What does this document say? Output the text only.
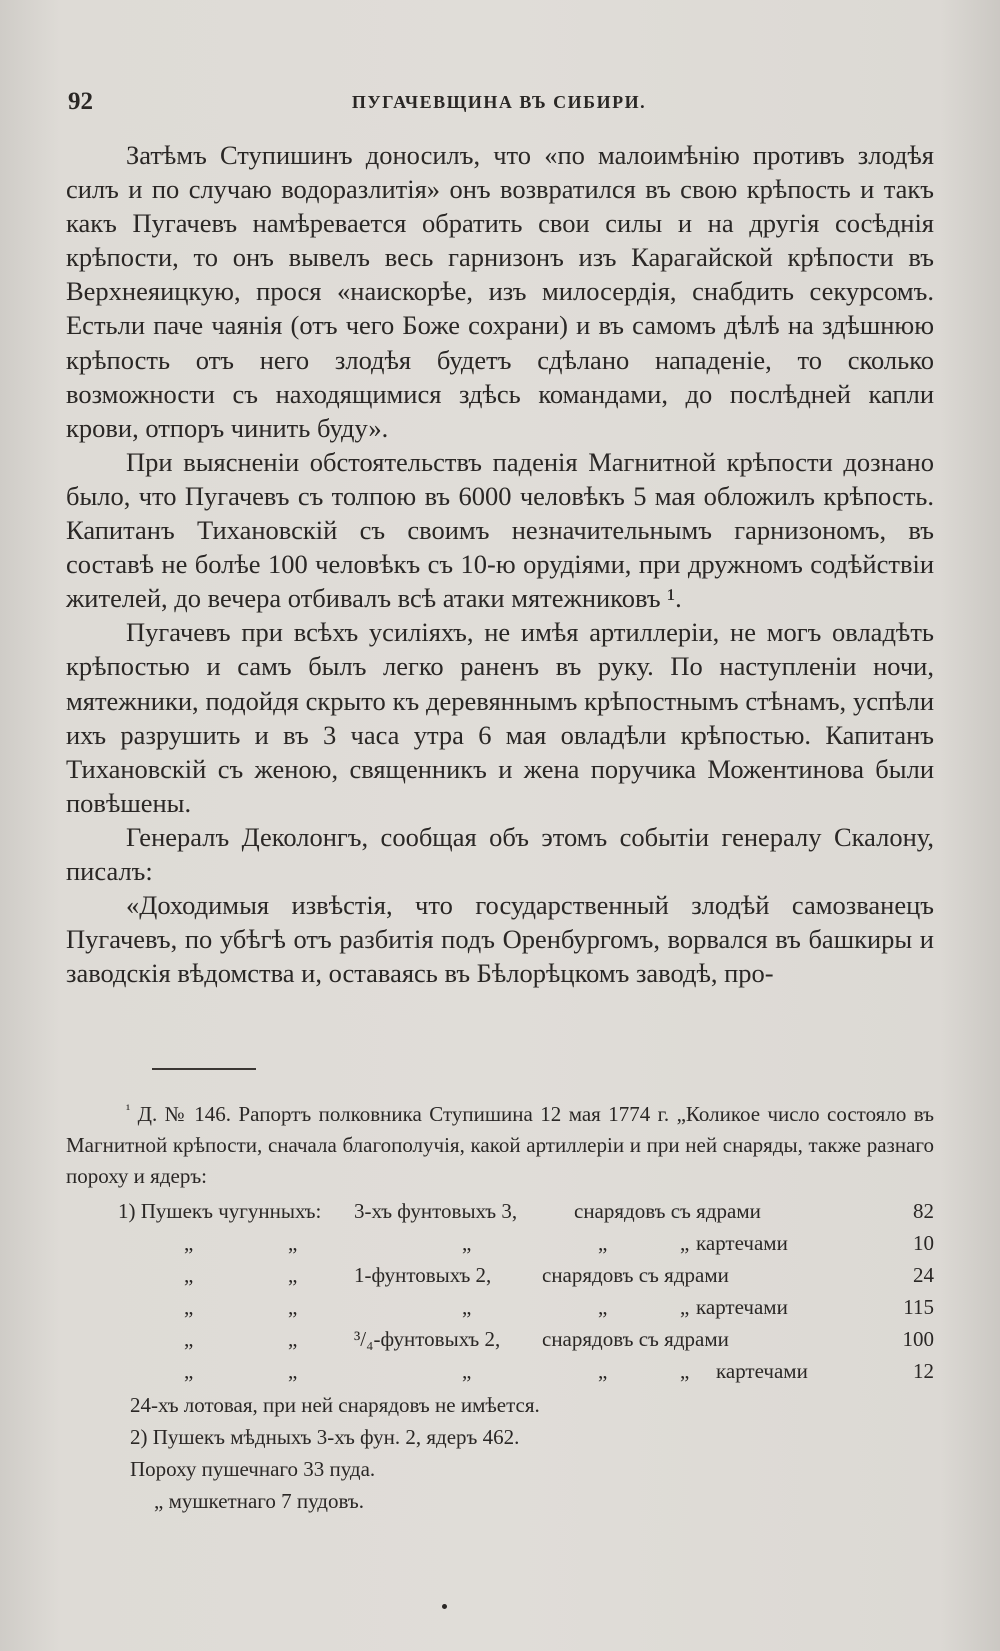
92	ПУГАЧЕВЩИНА ВЪ СИБИРИ.

Затѣмъ Ступишинъ доносилъ, что «по малоимѣнiю противъ злодѣя силъ и по случаю водоразлитiя» онъ возвратился въ свою крѣпость и такъ какъ Пугачевъ намѣревается обратить свои силы и на другiя сосѣднiя крѣпости, то онъ вывелъ весь гарнизонъ изъ Карагайской крѣпости въ Верхнеяицкую, прося «наискорѣе, изъ милосердiя, снабдить секурсомъ. Естьли паче чаянiя (отъ чего Боже сохрани) и въ самомъ дѣлѣ на здѣшнюю крѣпость отъ него злодѣя будетъ сдѣлано нападенiе, то сколько возможности съ находящимися здѣсь командами, до послѣдней капли крови, отпоръ чинить буду».

При выясненiи обстоятельствъ паденiя Магнитной крѣпости дознано было, что Пугачевъ съ толпою въ 6000 человѣкъ 5 мая обложилъ крѣпость. Капитанъ Тихановскiй съ своимъ незначительнымъ гарнизономъ, въ составѣ не болѣе 100 человѣкъ съ 10-ю орудiями, при дружномъ содѣйствiи жителей, до вечера отбивалъ всѣ атаки мятежниковъ ¹.

Пугачевъ при всѣхъ усилiяхъ, не имѣя артиллерiи, не могъ овладѣть крѣпостью и самъ былъ легко раненъ въ руку. По наступленiи ночи, мятежники, подойдя скрыто къ деревяннымъ крѣпостнымъ стѣнамъ, успѣли ихъ разрушить и въ 3 часа утра 6 мая овладѣли крѣпостью. Капитанъ Тихановскiй съ женою, священникъ и жена поручика Можентинова были повѣшены.

Генералъ Деколонгъ, сообщая объ этомъ событiи генералу Скалону, писалъ:

«Доходимыя извѣстiя, что государственный злодѣй самозванецъ Пугачевъ, по убѣгѣ отъ разбитiя подъ Оренбургомъ, ворвался въ башкиры и заводскiя вѣдомства и, оставаясь въ Бѣлорѣцкомъ заводѣ, про-

$^{^1}$ Д. № 146. Рапортъ полковника Ступишина 12 мая 1774 г. „Коликое число состояло въ Магнитной крѣпости, сначала благополучiя, какой артиллерiи и при ней снаряды, также разнаго пороху и ядеръ:

1) Пушекъ чугунныхъ: 3-хъ фунтовыхъ 3,	снарядовъ съ ядрами	82
„	„	„	„	„ картечами	10
„	„	1-фунтовыхъ 2, снарядовъ съ ядрами	24
„	„	„	„	„ картечами	115
„	„	³/₄-фунтовыхъ 2, снарядовъ съ ядрами	100
„	„	„	„	„ картечами	12
24-хъ лотовая, при ней снарядовъ не имѣется.
2) Пушекъ мѣдныхъ 3-хъ фун. 2, ядеръ 462.
Пороху пушечнаго 33 пуда.
„ мушкетнаго 7 пудовъ.
